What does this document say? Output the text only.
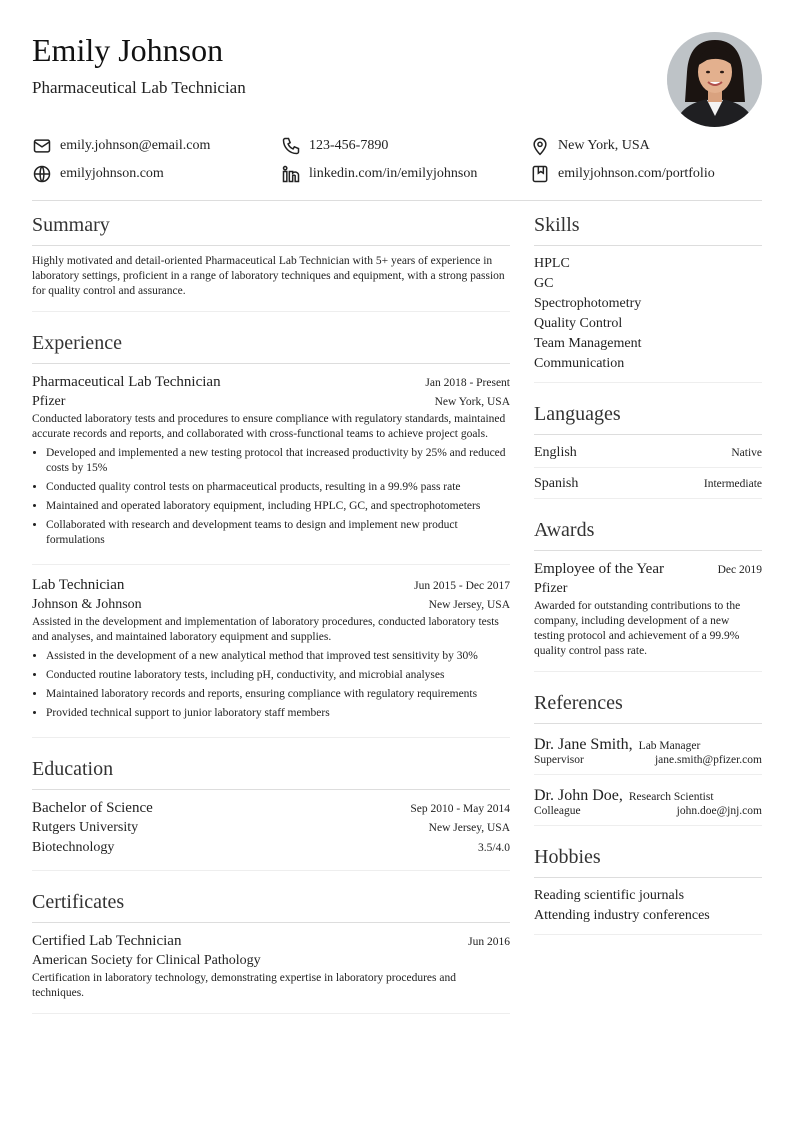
Emily Johnson
Pharmaceutical Lab Technician
emily.johnson@email.com	123-456-7890	New York, USA
emilyjohnson.com	linkedin.com/in/emilyjohnson	emilyjohnson.com/portfolio
Summary
Highly motivated and detail-oriented Pharmaceutical Lab Technician with 5+ years of experience in laboratory settings, proficient in a range of laboratory techniques and equipment, with a strong passion for quality control and assurance.
Experience
Pharmaceutical Lab Technician	Jan 2018 - Present
Pfizer	New York, USA
Conducted laboratory tests and procedures to ensure compliance with regulatory standards, maintained accurate records and reports, and collaborated with cross-functional teams to achieve project goals.
• Developed and implemented a new testing protocol that increased productivity by 25% and reduced costs by 15%
• Conducted quality control tests on pharmaceutical products, resulting in a 99.9% pass rate
• Maintained and operated laboratory equipment, including HPLC, GC, and spectrophotometers
• Collaborated with research and development teams to design and implement new product formulations
Lab Technician	Jun 2015 - Dec 2017
Johnson & Johnson	New Jersey, USA
Assisted in the development and implementation of laboratory procedures, conducted laboratory tests and analyses, and maintained laboratory equipment and supplies.
• Assisted in the development of a new analytical method that improved test sensitivity by 30%
• Conducted routine laboratory tests, including pH, conductivity, and microbial analyses
• Maintained laboratory records and reports, ensuring compliance with regulatory requirements
• Provided technical support to junior laboratory staff members
Education
Bachelor of Science	Sep 2010 - May 2014
Rutgers University	New Jersey, USA
Biotechnology	3.5/4.0
Certificates
Certified Lab Technician	Jun 2016
American Society for Clinical Pathology
Certification in laboratory technology, demonstrating expertise in laboratory procedures and techniques.
Skills
HPLC
GC
Spectrophotometry
Quality Control
Team Management
Communication
Languages
English	Native
Spanish	Intermediate
Awards
Employee of the Year	Dec 2019
Pfizer
Awarded for outstanding contributions to the company, including development of a new testing protocol and achievement of a 99.9% quality control pass rate.
References
Dr. Jane Smith, Lab Manager
Supervisor	jane.smith@pfizer.com
Dr. John Doe, Research Scientist
Colleague	john.doe@jnj.com
Hobbies
Reading scientific journals
Attending industry conferences
